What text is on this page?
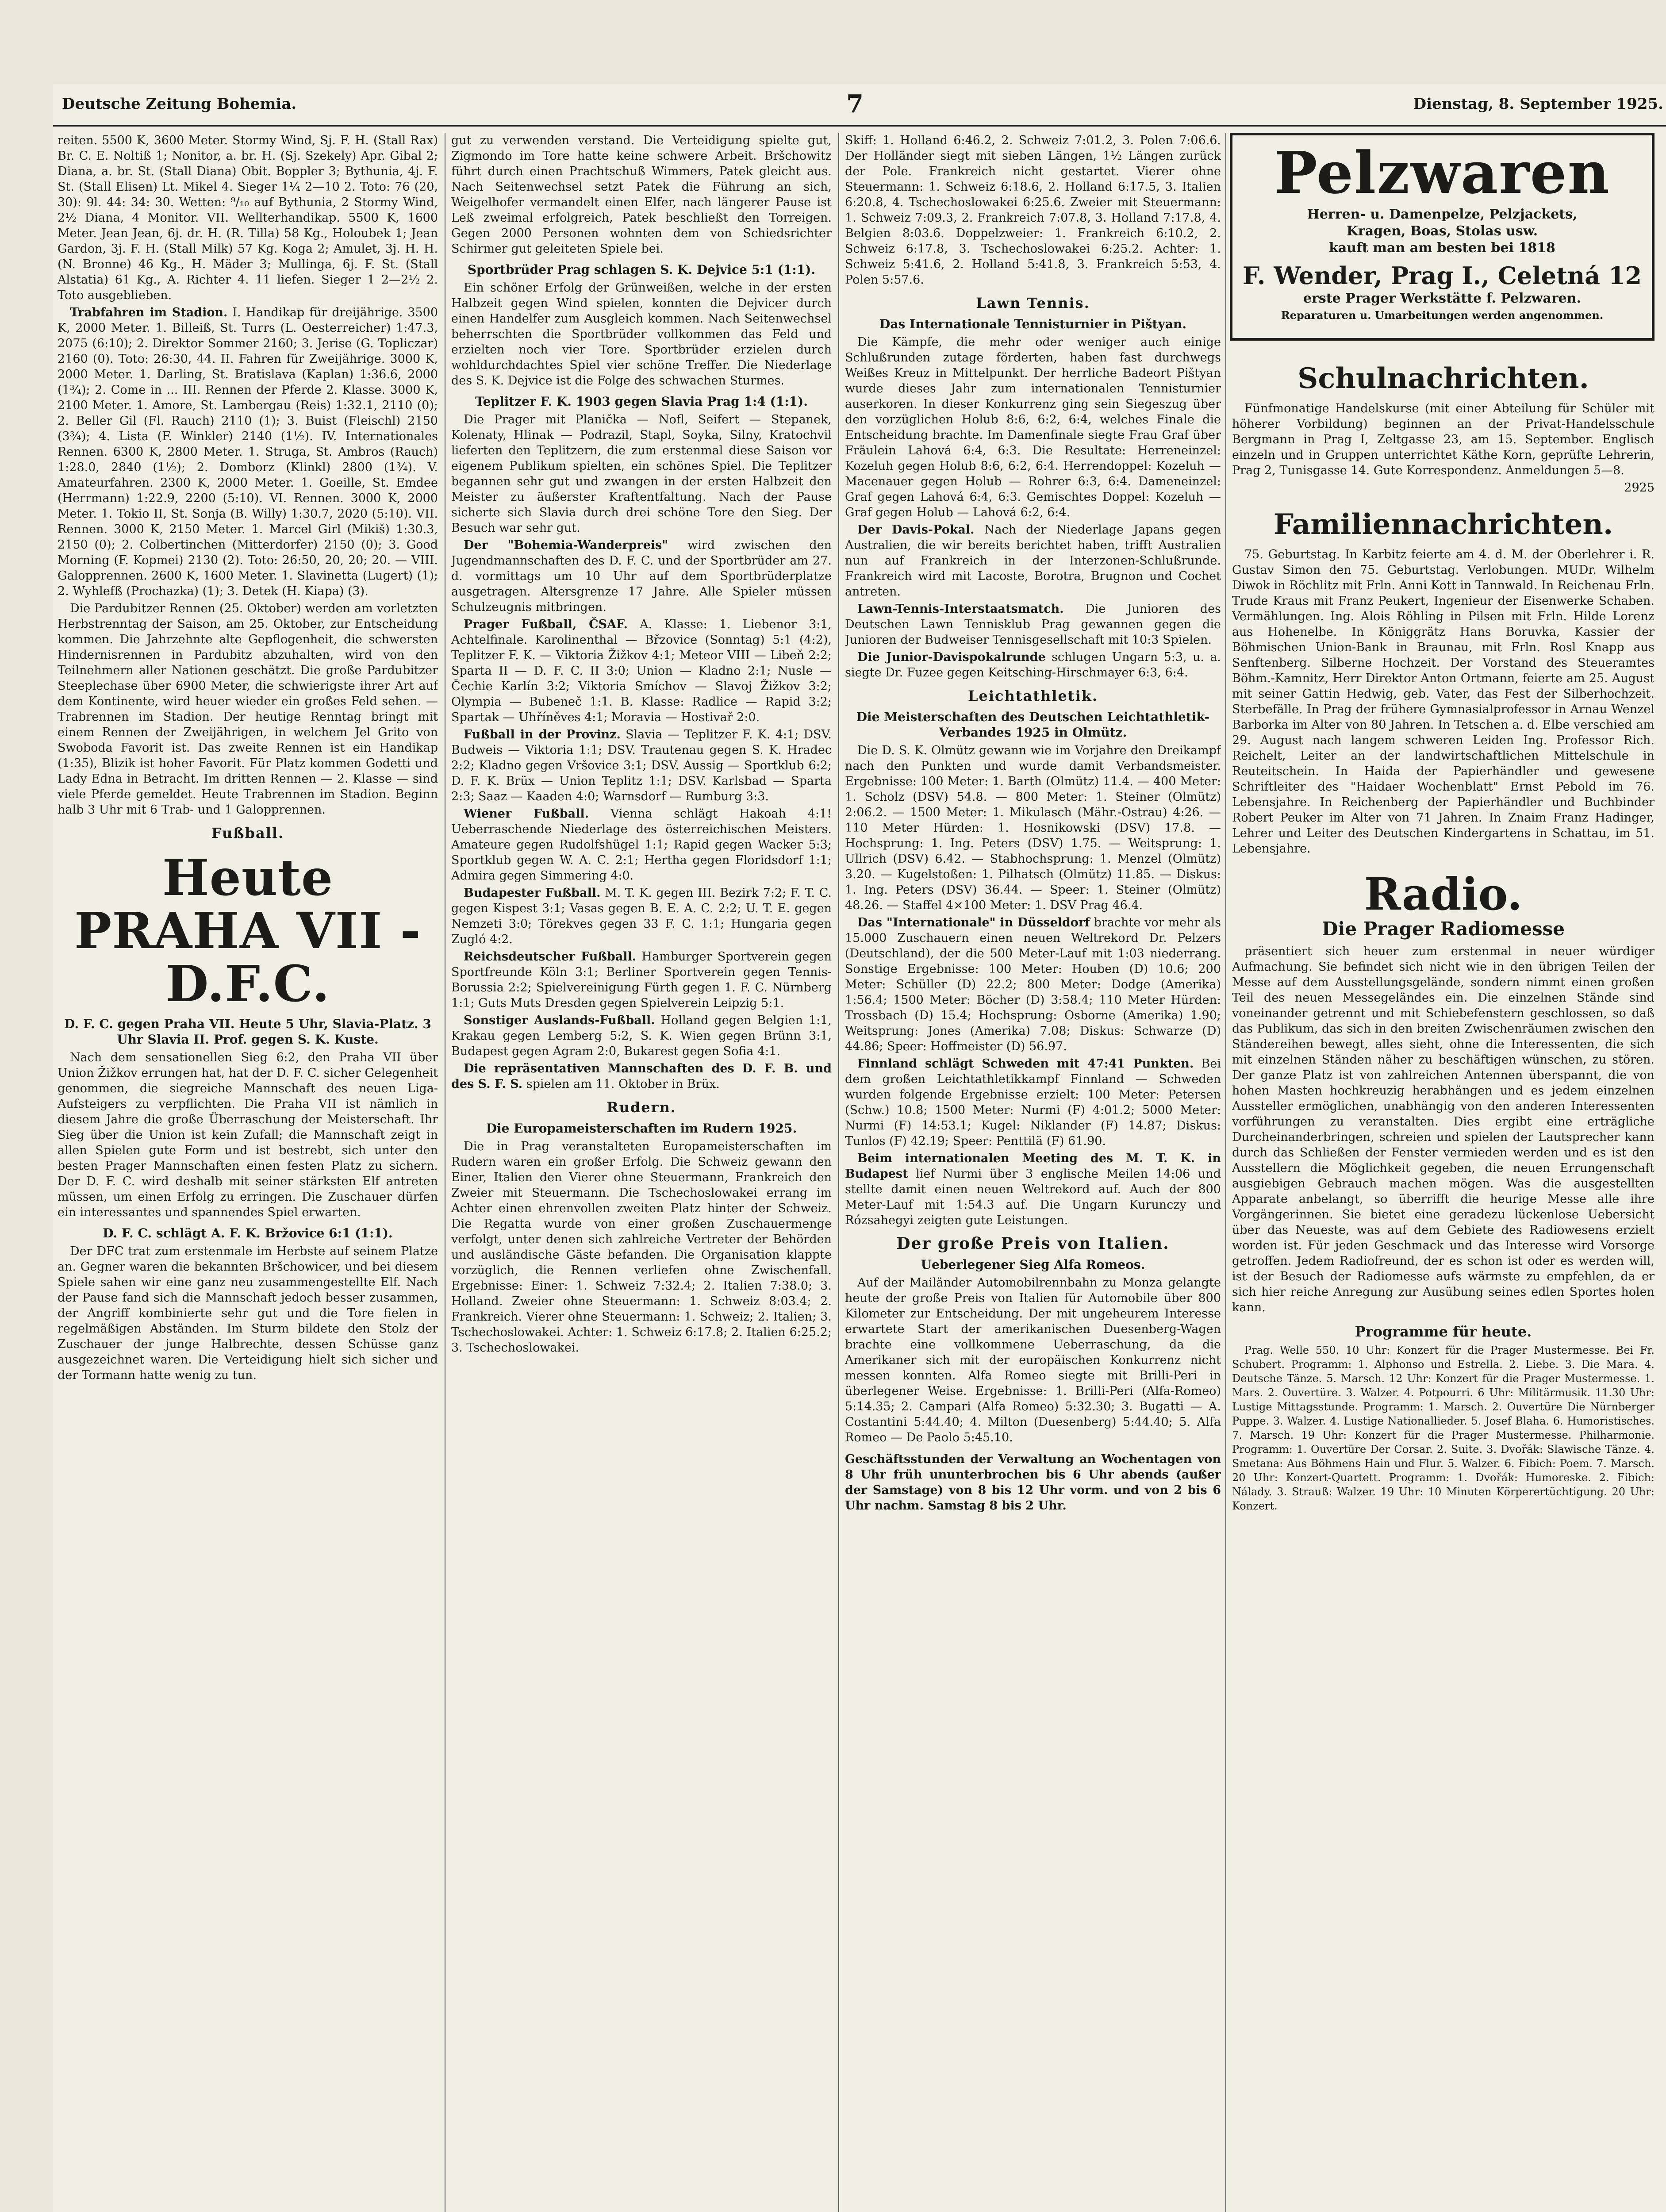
Deutsche Zeitung Bohemia.	7	Dienstag, 8. September 1925.

reiten. 5500 K, 3600 Meter. Stormy Wind, Sj. F. H. (Stall Rax) Br. C. E. Noltiß 1; Nonitor, a. br. H. (Sj. Szekely) Apr. Gibal 2; Diana, a. br. St. (Stall Diana) Obit. Boppler 3; Bythunia, 4j. F. St. (Stall Elisen) Lt. Mikel 4. Sieger 1¼ 2—10 2. Toto: 76 (20, 30): 9l. 44: 34: 30. Wetten: ⁹/₁₀ auf Bythunia, 2 Stormy Wind, 2½ Diana, 4 Monitor. VII. Wellterhandikap. 5500 K, 1600 Meter. Jean Jean, 6j. dr. H. (R. Tilla) 58 Kg., Holoubek 1; Jean Gardon, 3j. F. H. (Stall Milk) 57 Kg. Koga 2; Amulet, 3j. H. H. (N. Bronne) 46 Kg., H. Mäder 3; Mullinga, 6j. F. St. (Stall Alstatia) 61 Kg., A. Richter 4. 11 liefen. Sieger 1 2—2½ 2. Toto ausgeblieben.

Trabfahren im Stadion. I. Handikap für dreijährige. 3500 K, 2000 Meter. 1. Billeiß, St. Turrs (L. Oesterreicher) 1:47.3, 2075 (6:10); 2. Direktor Sommer 2160; 3. Jerise (G. Topliczar) 2160 (0). Toto: 26:30, 44. II. Fahren für Zweijährige. 3000 K, 2000 Meter. 1. Darling, St. Bratislava (Kaplan) 1:36.6, 2000 (1¾); 2. Come in ... III. Rennen der Pferde 2. Klasse. 3000 K, 2100 Meter. 1. Amore, St. Lambergau (Reis) 1:32.1, 2110 (0); 2. Beller Gil (Fl. Rauch) 2110 (1); 3. Buist (Fleischl) 2150 (3¾); 4. Lista (F. Winkler) 2140 (1½). IV. Internationales Rennen. 6300 K, 2800 Meter. 1. Struga, St. Ambros (Rauch) 1:28.0, 2840 (1½); 2. Domborz (Klinkl) 2800 (1¾). V. Amateurfahren. 2300 K, 2000 Meter. 1. Goeille, St. Emdee (Herrmann) 1:22.9, 2200 (5:10). VI. Rennen. 3000 K, 2000 Meter. 1. Tokio II, St. Sonja (B. Willy) 1:30.7, 2020 (5:10). VII. Rennen. 3000 K, 2150 Meter. 1. Marcel Girl (Mikiš) 1:30.3, 2150 (0); 2. Colbertinchen (Mitterdorfer) 2150 (0); 3. Good Morning (F. Kopmei) 2130 (2). Toto: 26:50, 20, 20; 20. — VIII. Galopprennen. 2600 K, 1600 Meter. 1. Slavinetta (Lugert) (1); 2. Wyhlefß (Prochazka) (1); 3. Detek (H. Kiapa) (3).

Die Pardubitzer Rennen (25. Oktober) werden am vorletzten Herbstrenntag der Saison, am 25. Oktober, zur Entscheidung kommen. Die Jahrzehnte alte Gepflogenheit, die schwersten Hindernisrennen in Pardubitz abzuhalten, wird von den Teilnehmern aller Nationen geschätzt. Die große Pardubitzer Steeplechase über 6900 Meter, die schwierigste ihrer Art auf dem Kontinente, wird heuer wieder ein großes Feld sehen. — Trabrennen im Stadion. Der heutige Renntag bringt mit einem Rennen der Zweijährigen, in welchem Jel Grito von Swoboda Favorit ist. Das zweite Rennen ist ein Handikap (1:35), Blizik ist hoher Favorit. Für Platz kommen Godetti und Lady Edna in Betracht. Im dritten Rennen — 2. Klasse — sind viele Pferde gemeldet. Heute Trabrennen im Stadion. Beginn halb 3 Uhr mit 6 Trab- und 1 Galopprennen.

Fußball.
Heute PRAHA VII - D.F.C.
D. F. C. gegen Praha VII. Heute 5 Uhr, Slavia-Platz. 3 Uhr Slavia II. Prof. gegen S. K. Kuste.

Nach dem sensationellen Sieg 6:2, den Praha VII über Union Žižkov errungen hat, hat der D. F. C. sicher Gelegenheit genommen, die siegreiche Mannschaft des neuen Liga-Aufsteigers zu verpflichten. Die Praha VII ist nämlich in diesem Jahre die große Überraschung der Meisterschaft. Ihr Sieg über die Union ist kein Zufall; die Mannschaft zeigt in allen Spielen gute Form und ist bestrebt, sich unter den besten Prager Mannschaften einen festen Platz zu sichern. Der D. F. C. wird deshalb mit seiner stärksten Elf antreten müssen, um einen Erfolg zu erringen. Die Zuschauer dürfen ein interessantes und spannendes Spiel erwarten.

D. F. C. schlägt A. F. K. Bržovice 6:1 (1:1).

Der DFC trat zum erstenmale im Herbste auf seinem Platze an. Gegner waren die bekannten Bršchowicer, und bei diesem Spiele sahen wir eine ganz neu zusammengestellte Elf. Nach der Pause fand sich die Mannschaft jedoch besser zusammen, der Angriff kombinierte sehr gut und die Tore fielen in regelmäßigen Abständen. Im Sturm bildete den Stolz der Zuschauer der junge Halbrechte, dessen Schüsse ganz ausgezeichnet waren. Die Verteidigung hielt sich sicher und der Tormann hatte wenig zu tun.

gut zu verwenden verstand. Die Verteidigung spielte gut, Zigmondo im Tore hatte keine schwere Arbeit. Bršchowitz führt durch einen Prachtschuß Wimmers, Patek gleicht aus. Nach Seitenwechsel setzt Patek die Führung an sich, Weigelhofer vermandelt einen Elfer, nach längerer Pause ist Leß zweimal erfolgreich, Patek beschließt den Torreigen. Gegen 2000 Personen wohnten dem von Schiedsrichter Schirmer gut geleiteten Spiele bei.

Sportbrüder Prag schlagen S. K. Dejvice 5:1 (1:1).

Ein schöner Erfolg der Grünweißen, welche in der ersten Halbzeit gegen Wind spielen, konnten die Dejvicer durch einen Handelfer zum Ausgleich kommen. Nach Seitenwechsel beherrschten die Sportbrüder vollkommen das Feld und erzielten noch vier Tore. Sportbrüder erzielen durch wohldurchdachtes Spiel vier schöne Treffer. Die Niederlage des S. K. Dejvice ist die Folge des schwachen Sturmes.

Teplitzer F. K. 1903 gegen Slavia Prag 1:4 (1:1).

Die Prager mit Planička — Nofl, Seifert — Stepanek, Kolenaty, Hlinak — Podrazil, Stapl, Soyka, Silny, Kratochvil lieferten den Teplitzern, die zum erstenmal diese Saison vor eigenem Publikum spielten, ein schönes Spiel. Die Teplitzer begannen sehr gut und zwangen in der ersten Halbzeit den Meister zu äußerster Kraftentfaltung. Nach der Pause sicherte sich Slavia durch drei schöne Tore den Sieg. Der Besuch war sehr gut.

Der "Bohemia-Wanderpreis" wird zwischen den Jugendmannschaften des D. F. C. und der Sportbrüder am 27. d. vormittags um 10 Uhr auf dem Sportbrüderplatze ausgetragen. Altersgrenze 17 Jahre. Alle Spieler müssen Schulzeugnis mitbringen.

Prager Fußball, ČSAF. A. Klasse: 1. Liebenor 3:1, Achtelfinale. Karolinenthal — Břzovice (Sonntag) 5:1 (4:2), Teplitzer F. K. — Viktoria Žižkov 4:1; Meteor VIII — Libeň 2:2; Sparta II — D. F. C. II 3:0; Union — Kladno 2:1; Nusle — Čechie Karlín 3:2; Viktoria Smíchov — Slavoj Žižkov 3:2; Olympia — Bubeneč 1:1. B. Klasse: Radlice — Rapid 3:2; Spartak — Uhříněves 4:1; Moravia — Hostivař 2:0.

Fußball in der Provinz. Slavia — Teplitzer F. K. 4:1; DSV. Budweis — Viktoria 1:1; DSV. Trautenau gegen S. K. Hradec 2:2; Kladno gegen Vršovice 3:1; DSV. Aussig — Sportklub 6:2; D. F. K. Brüx — Union Teplitz 1:1; DSV. Karlsbad — Sparta 2:3; Saaz — Kaaden 4:0; Warnsdorf — Rumburg 3:3.

Wiener Fußball. Vienna schlägt Hakoah 4:1! Ueberraschende Niederlage des österreichischen Meisters. Amateure gegen Rudolfshügel 1:1; Rapid gegen Wacker 5:3; Sportklub gegen W. A. C. 2:1; Hertha gegen Floridsdorf 1:1; Admira gegen Simmering 4:0.

Budapester Fußball. M. T. K. gegen III. Bezirk 7:2; F. T. C. gegen Kispest 3:1; Vasas gegen B. E. A. C. 2:2; U. T. E. gegen Nemzeti 3:0; Törekves gegen 33 F. C. 1:1; Hungaria gegen Zugló 4:2.

Reichsdeutscher Fußball. Hamburger Sportverein gegen Sportfreunde Köln 3:1; Berliner Sportverein gegen Tennis-Borussia 2:2; Spielvereinigung Fürth gegen 1. F. C. Nürnberg 1:1; Guts Muts Dresden gegen Spielverein Leipzig 5:1.

Sonstiger Auslands-Fußball. Holland gegen Belgien 1:1, Krakau gegen Lemberg 5:2, S. K. Wien gegen Brünn 3:1, Budapest gegen Agram 2:0, Bukarest gegen Sofia 4:1.

Die repräsentativen Mannschaften des D. F. B. und des S. F. S. spielen am 11. Oktober in Brüx.

Rudern.
Die Europameisterschaften im Rudern 1925.

Die in Prag veranstalteten Europameisterschaften im Rudern waren ein großer Erfolg. Die Schweiz gewann den Einer, Italien den Vierer ohne Steuermann, Frankreich den Zweier mit Steuermann. Die Tschechoslowakei errang im Achter einen ehrenvollen zweiten Platz hinter der Schweiz. Die Regatta wurde von einer großen Zuschauermenge verfolgt, unter denen sich zahlreiche Vertreter der Behörden und ausländische Gäste befanden. Die Organisation klappte vorzüglich, die Rennen verliefen ohne Zwischenfall. Ergebnisse: Einer: 1. Schweiz 7:32.4; 2. Italien 7:38.0; 3. Holland. Zweier ohne Steuermann: 1. Schweiz 8:03.4; 2. Frankreich. Vierer ohne Steuermann: 1. Schweiz; 2. Italien; 3. Tschechoslowakei. Achter: 1. Schweiz 6:17.8; 2. Italien 6:25.2; 3. Tschechoslowakei.

Skiff: 1. Holland 6:46.2, 2. Schweiz 7:01.2, 3. Polen 7:06.6. Der Holländer siegt mit sieben Längen, 1½ Längen zurück der Pole. Frankreich nicht gestartet. Vierer ohne Steuermann: 1. Schweiz 6:18.6, 2. Holland 6:17.5, 3. Italien 6:20.8, 4. Tschechoslowakei 6:25.6. Zweier mit Steuermann: 1. Schweiz 7:09.3, 2. Frankreich 7:07.8, 3. Holland 7:17.8, 4. Belgien 8:03.6. Doppelzweier: 1. Frankreich 6:10.2, 2. Schweiz 6:17.8, 3. Tschechoslowakei 6:25.2. Achter: 1. Schweiz 5:41.6, 2. Holland 5:41.8, 3. Frankreich 5:53, 4. Polen 5:57.6.

Lawn Tennis.
Das Internationale Tennisturnier in Pištyan.

Die Kämpfe, die mehr oder weniger auch einige Schlußrunden zutage förderten, haben fast durchwegs Weißes Kreuz in Mittelpunkt. Der herrliche Badeort Pištyan wurde dieses Jahr zum internationalen Tennisturnier auserkoren. In dieser Konkurrenz ging sein Siegeszug über den vorzüglichen Holub 8:6, 6:2, 6:4, welches Finale die Entscheidung brachte. Im Damenfinale siegte Frau Graf über Fräulein Lahová 6:4, 6:3. Die Resultate: Herreneinzel: Kozeluh gegen Holub 8:6, 6:2, 6:4. Herrendoppel: Kozeluh — Macenauer gegen Holub — Rohrer 6:3, 6:4. Dameneinzel: Graf gegen Lahová 6:4, 6:3. Gemischtes Doppel: Kozeluh — Graf gegen Holub — Lahová 6:2, 6:4.

Der Davis-Pokal. Nach der Niederlage Japans gegen Australien, die wir bereits berichtet haben, trifft Australien nun auf Frankreich in der Interzonen-Schlußrunde. Frankreich wird mit Lacoste, Borotra, Brugnon und Cochet antreten.

Lawn-Tennis-Interstaatsmatch. Die Junioren des Deutschen Lawn Tennisklub Prag gewannen gegen die Junioren der Budweiser Tennisgesellschaft mit 10:3 Spielen.

Die Junior-Davispokalrunde schlugen Ungarn 5:3, u. a. siegte Dr. Fuzee gegen Keitsching-Hirschmayer 6:3, 6:4.

Leichtathletik.
Die Meisterschaften des Deutschen Leichtathletik-Verbandes 1925 in Olmütz.

Die D. S. K. Olmütz gewann wie im Vorjahre den Dreikampf nach den Punkten und wurde damit Verbandsmeister. Ergebnisse: 100 Meter: 1. Barth (Olmütz) 11.4. — 400 Meter: 1. Scholz (DSV) 54.8. — 800 Meter: 1. Steiner (Olmütz) 2:06.2. — 1500 Meter: 1. Mikulasch (Mähr.-Ostrau) 4:26. — 110 Meter Hürden: 1. Hosnikowski (DSV) 17.8. — Hochsprung: 1. Ing. Peters (DSV) 1.75. — Weitsprung: 1. Ullrich (DSV) 6.42. — Stabhochsprung: 1. Menzel (Olmütz) 3.20. — Kugelstoßen: 1. Pilhatsch (Olmütz) 11.85. — Diskus: 1. Ing. Peters (DSV) 36.44. — Speer: 1. Steiner (Olmütz) 48.26. — Staffel 4×100 Meter: 1. DSV Prag 46.4.

Das "Internationale" in Düsseldorf brachte vor mehr als 15.000 Zuschauern einen neuen Weltrekord Dr. Pelzers (Deutschland), der die 500 Meter-Lauf mit 1:03 niederrang. Sonstige Ergebnisse: 100 Meter: Houben (D) 10.6; 200 Meter: Schüller (D) 22.2; 800 Meter: Dodge (Amerika) 1:56.4; 1500 Meter: Böcher (D) 3:58.4; 110 Meter Hürden: Trossbach (D) 15.4; Hochsprung: Osborne (Amerika) 1.90; Weitsprung: Jones (Amerika) 7.08; Diskus: Schwarze (D) 44.86; Speer: Hoffmeister (D) 56.97.

Finnland schlägt Schweden mit 47:41 Punkten. Bei dem großen Leichtathletikkampf Finnland — Schweden wurden folgende Ergebnisse erzielt: 100 Meter: Petersen (Schw.) 10.8; 1500 Meter: Nurmi (F) 4:01.2; 5000 Meter: Nurmi (F) 14:53.1; Kugel: Niklander (F) 14.87; Diskus: Tunlos (F) 42.19; Speer: Penttilä (F) 61.90.

Beim internationalen Meeting des M. T. K. in Budapest lief Nurmi über 3 englische Meilen 14:06 und stellte damit einen neuen Weltrekord auf. Auch der 800 Meter-Lauf mit 1:54.3 auf. Die Ungarn Kurunczy und Rózsahegyi zeigten gute Leistungen.

Der große Preis von Italien.
Ueberlegener Sieg Alfa Romeos.

Auf der Mailänder Automobilrennbahn zu Monza gelangte heute der große Preis von Italien für Automobile über 800 Kilometer zur Entscheidung. Der mit ungeheurem Interesse erwartete Start der amerikanischen Duesenberg-Wagen brachte eine vollkommene Ueberraschung, da die Amerikaner sich mit der europäischen Konkurrenz nicht messen konnten. Alfa Romeo siegte mit Brilli-Peri in überlegener Weise. Ergebnisse: 1. Brilli-Peri (Alfa-Romeo) 5:14.35; 2. Campari (Alfa Romeo) 5:32.30; 3. Bugatti — A. Costantini 5:44.40; 4. Milton (Duesenberg) 5:44.40; 5. Alfa Romeo — De Paolo 5:45.10.

Geschäftsstunden der Verwaltung an Wochentagen von 8 Uhr früh ununterbrochen bis 6 Uhr abends (außer der Samstage) von 8 bis 12 Uhr vorm. und von 2 bis 6 Uhr nachm. Samstag 8 bis 2 Uhr.

Pelzwaren
Herren- u. Damenpelze, Pelzjackets,
Kragen, Boas, Stolas usw.
kauft man am besten bei 1818
F. Wender, Prag I., Celetná 12
erste Prager Werkstätte f. Pelzwaren.
Reparaturen u. Umarbeitungen werden angenommen.
Schulnachrichten.

Fünfmonatige Handelskurse (mit einer Abteilung für Schüler mit höherer Vorbildung) beginnen an der Privat-Handelsschule Bergmann in Prag I, Zeltgasse 23, am 15. September. Englisch einzeln und in Gruppen unterrichtet Käthe Korn, geprüfte Lehrerin, Prag 2, Tunisgasse 14. Gute Korrespondenz. Anmeldungen 5—8.

2925

Familiennachrichten.

75. Geburtstag. In Karbitz feierte am 4. d. M. der Oberlehrer i. R. Gustav Simon den 75. Geburtstag. Verlobungen. MUDr. Wilhelm Diwok in Röchlitz mit Frln. Anni Kott in Tannwald. In Reichenau Frln. Trude Kraus mit Franz Peukert, Ingenieur der Eisenwerke Schaben. Vermählungen. Ing. Alois Röhling in Pilsen mit Frln. Hilde Lorenz aus Hohenelbe. In Königgrätz Hans Boruvka, Kassier der Böhmischen Union-Bank in Braunau, mit Frln. Rosl Knapp aus Senftenberg. Silberne Hochzeit. Der Vorstand des Steueramtes Böhm.-Kamnitz, Herr Direktor Anton Ortmann, feierte am 25. August mit seiner Gattin Hedwig, geb. Vater, das Fest der Silberhochzeit. Sterbefälle. In Prag der frühere Gymnasialprofessor in Arnau Wenzel Barborka im Alter von 80 Jahren. In Tetschen a. d. Elbe verschied am 29. August nach langem schweren Leiden Ing. Professor Rich. Reichelt, Leiter an der landwirtschaftlichen Mittelschule in Reuteitschein. In Haida der Papierhändler und gewesene Schriftleiter des "Haidaer Wochenblatt" Ernst Pebold im 76. Lebensjahre. In Reichenberg der Papierhändler und Buchbinder Robert Peuker im Alter von 71 Jahren. In Znaim Franz Hadinger, Lehrer und Leiter des Deutschen Kindergartens in Schattau, im 51. Lebensjahre.

Radio.
Die Prager Radiomesse

präsentiert sich heuer zum erstenmal in neuer würdiger Aufmachung. Sie befindet sich nicht wie in den übrigen Teilen der Messe auf dem Ausstellungsgelände, sondern nimmt einen großen Teil des neuen Messegeländes ein. Die einzelnen Stände sind voneinander getrennt und mit Schiebefenstern geschlossen, so daß das Publikum, das sich in den breiten Zwischenräumen zwischen den Ständereihen bewegt, alles sieht, ohne die Interessenten, die sich mit einzelnen Ständen näher zu beschäftigen wünschen, zu stören. Der ganze Platz ist von zahlreichen Antennen überspannt, die von hohen Masten hochkreuzig herabhängen und es jedem einzelnen Aussteller ermöglichen, unabhängig von den anderen Interessenten vorführungen zu veranstalten. Dies ergibt eine erträgliche Durcheinanderbringen, schreien und spielen der Lautsprecher kann durch das Schließen der Fenster vermieden werden und es ist den Ausstellern die Möglichkeit gegeben, die neuen Errungenschaft ausgiebigen Gebrauch machen mögen. Was die ausgestellten Apparate anbelangt, so überrifft die heurige Messe alle ihre Vorgängerinnen. Sie bietet eine geradezu lückenlose Uebersicht über das Neueste, was auf dem Gebiete des Radiowesens erzielt worden ist. Für jeden Geschmack und das Interesse wird Vorsorge getroffen. Jedem Radiofreund, der es schon ist oder es werden will, ist der Besuch der Radiomesse aufs wärmste zu empfehlen, da er sich hier reiche Anregung zur Ausübung seines edlen Sportes holen kann.

Programme für heute.

Prag. Welle 550. 10 Uhr: Konzert für die Prager Mustermesse. Bei Fr. Schubert. Programm: 1. Alphonso und Estrella. 2. Liebe. 3. Die Mara. 4. Deutsche Tänze. 5. Marsch. 12 Uhr: Konzert für die Prager Mustermesse. 1. Mars. 2. Ouvertüre. 3. Walzer. 4. Potpourri. 6 Uhr: Militärmusik. 11.30 Uhr: Lustige Mittagsstunde. Programm: 1. Marsch. 2. Ouvertüre Die Nürnberger Puppe. 3. Walzer. 4. Lustige Nationallieder. 5. Josef Blaha. 6. Humoristisches. 7. Marsch. 19 Uhr: Konzert für die Prager Mustermesse. Philharmonie. Programm: 1. Ouvertüre Der Corsar. 2. Suite. 3. Dvořák: Slawische Tänze. 4. Smetana: Aus Böhmens Hain und Flur. 5. Walzer. 6. Fibich: Poem. 7. Marsch. 20 Uhr: Konzert-Quartett. Programm: 1. Dvořák: Humoreske. 2. Fibich: Nálady. 3. Strauß: Walzer. 19 Uhr: 10 Minuten Körperertüchtigung. 20 Uhr: Konzert.
